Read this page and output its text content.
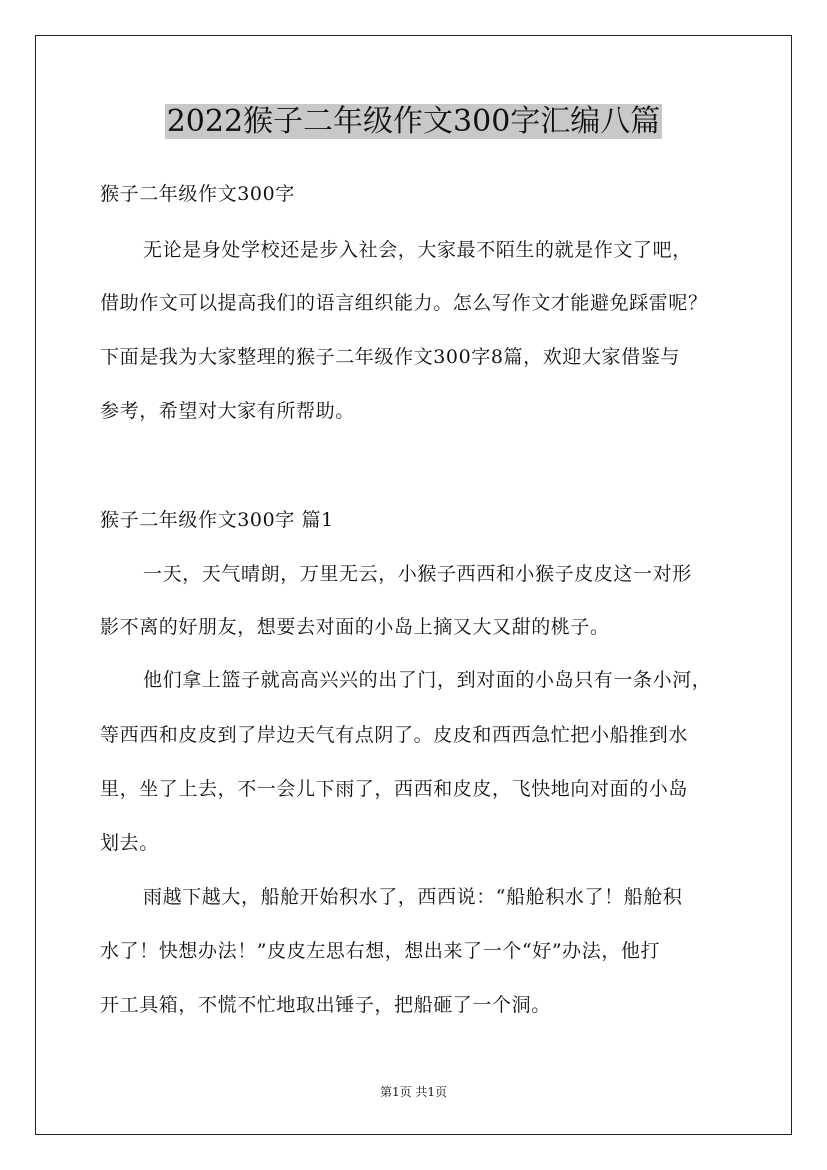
2022猴子二年级作文300字汇编八篇
猴子二年级作文300字
无论是身处学校还是步入社会，大家最不陌生的就是作文了吧，
借助作文可以提高我们的语言组织能力。怎么写作文才能避免踩雷呢？
下面是我为大家整理的猴子二年级作文300字8篇，欢迎大家借鉴与
参考，希望对大家有所帮助。
猴子二年级作文300字 篇1
一天，天气晴朗，万里无云，小猴子西西和小猴子皮皮这一对形
影不离的好朋友，想要去对面的小岛上摘又大又甜的桃子。
他们拿上篮子就高高兴兴的出了门，到对面的小岛只有一条小河，
等西西和皮皮到了岸边天气有点阴了。皮皮和西西急忙把小船推到水
里，坐了上去，不一会儿下雨了，西西和皮皮，飞快地向对面的小岛
划去。
雨越下越大，船舱开始积水了，西西说：“船舱积水了！船舱积
水了！快想办法！”皮皮左思右想，想出来了一个“好”办法，他打
开工具箱，不慌不忙地取出锤子，把船砸了一个洞。
第1页 共1页
